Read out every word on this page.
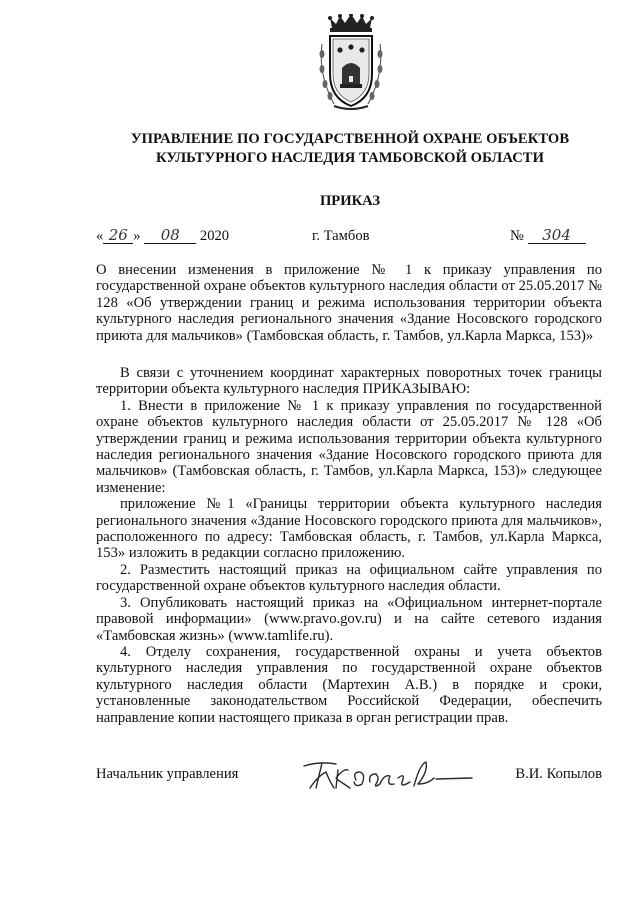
УПРАВЛЕНИЕ ПО ГОСУДАРСТВЕННОЙ ОХРАНЕ ОБЪЕКТОВ
КУЛЬТУРНОГО НАСЛЕДИЯ ТАМБОВСКОЙ ОБЛАСТИ
ПРИКАЗ
« 26 » 08 2020	г. Тамбов	№ 304

О внесении изменения в приложение № 1 к приказу управления по государственной охране объектов культурного наследия области от 25.05.2017 № 128 «Об утверждении границ и режима использования территории объекта культурного наследия регионального значения «Здание Носовского городского приюта для мальчиков» (Тамбовская область, г. Тамбов, ул.Карла Маркса, 153)»

В связи с уточнением координат характерных поворотных точек границы территории объекта культурного наследия ПРИКАЗЫВАЮ:

1. Внести в приложение № 1 к приказу управления по государственной охране объектов культурного наследия области от 25.05.2017 № 128 «Об утверждении границ и режима использования территории объекта культурного наследия регионального значения «Здание Носовского городского приюта для мальчиков» (Тамбовская область, г. Тамбов, ул.Карла Маркса, 153)» следующее изменение:

приложение №1 «Границы территории объекта культурного наследия регионального значения «Здание Носовского городского приюта для мальчиков», расположенного по адресу: Тамбовская область, г. Тамбов, ул.Карла Маркса, 153» изложить в редакции согласно приложению.

2. Разместить настоящий приказ на официальном сайте управления по государственной охране объектов культурного наследия области.

3. Опубликовать настоящий приказ на «Официальном интернет-портале правовой информации» (www.pravo.gov.ru) и на сайте сетевого издания «Тамбовская жизнь» (www.tamlife.ru).

4. Отделу сохранения, государственной охраны и учета объектов культурного наследия управления по государственной охране объектов культурного наследия области (Мартехин А.В.) в порядке и сроки, установленные законодательством Российской Федерации, обеспечить направление копии настоящего приказа в орган регистрации прав.

Начальник управления	В.И. Копылов
